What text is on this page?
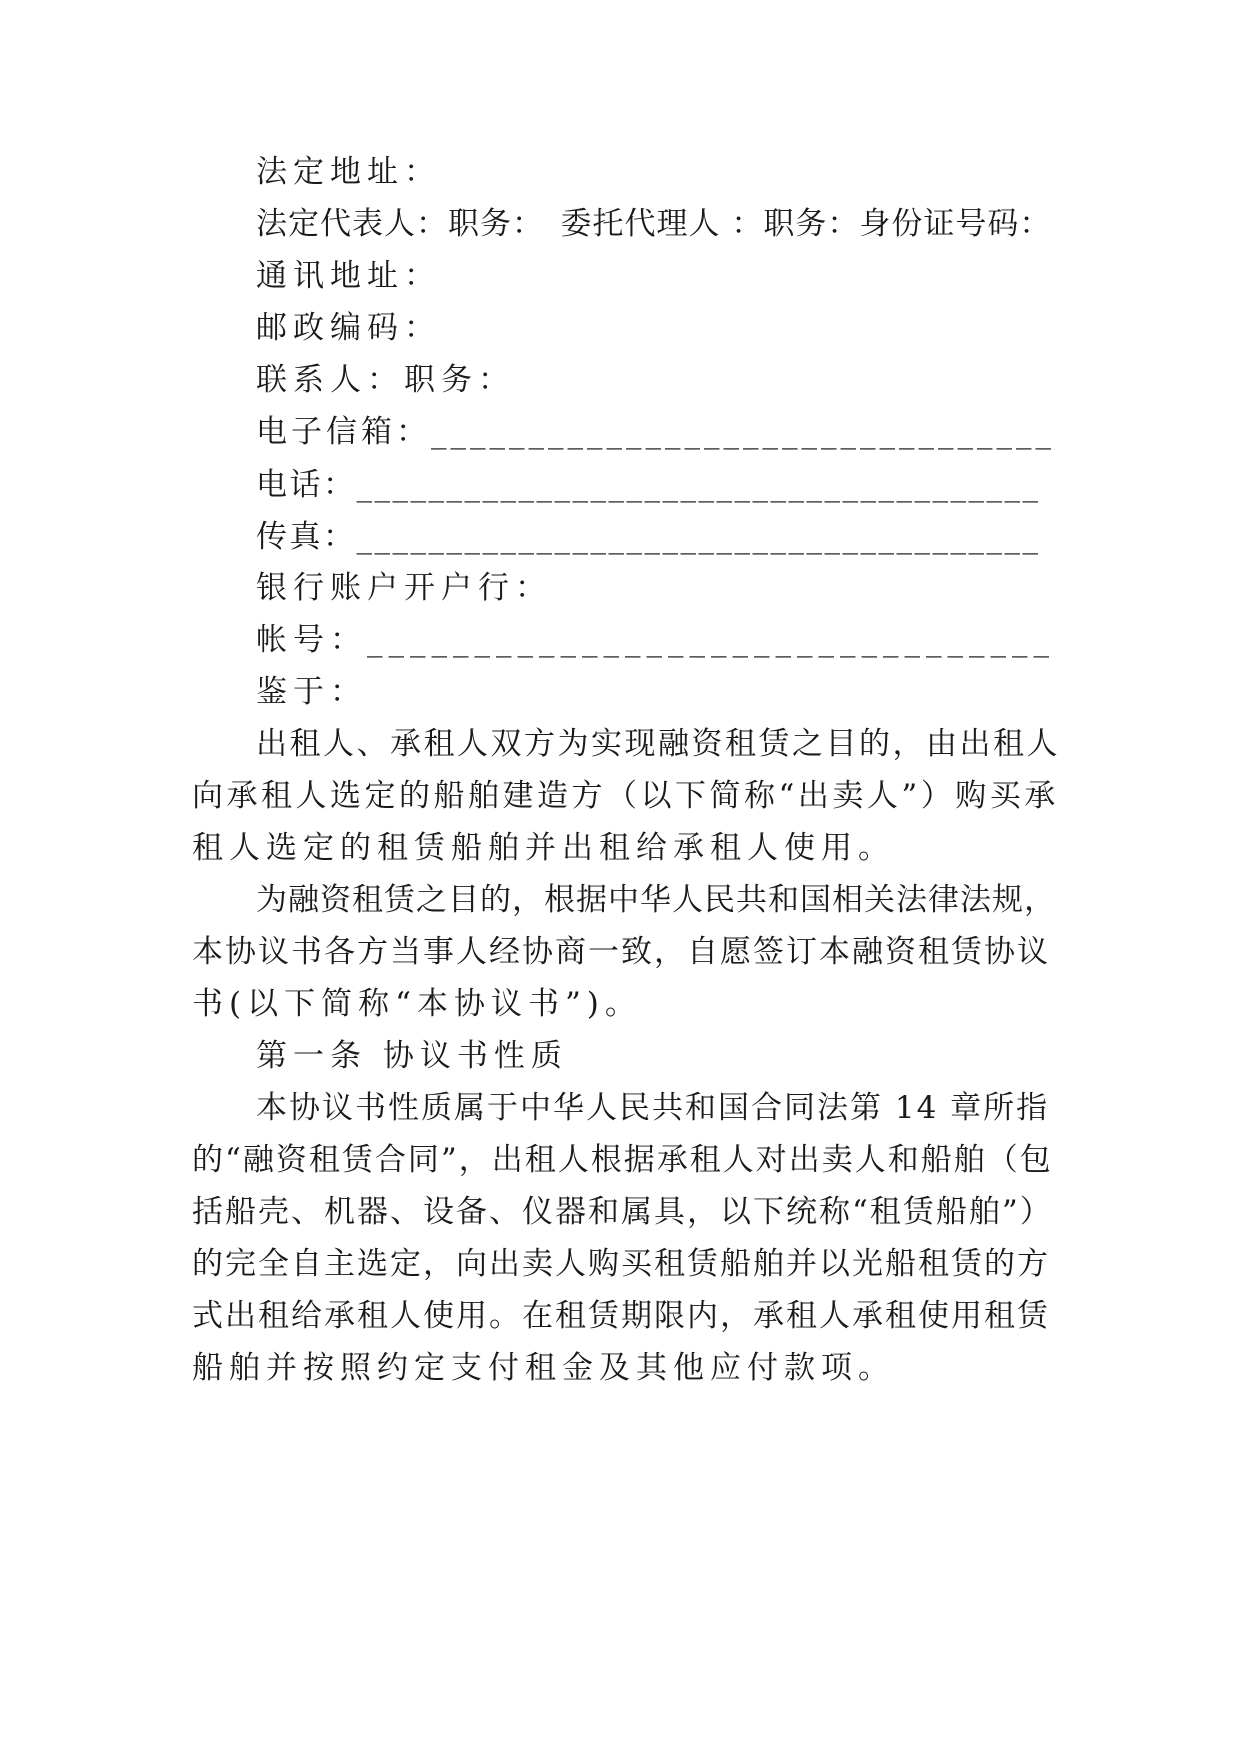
法定地址：
法定代表人：职务：　委托代理人 ：职务：身份证号码：
通讯地址：
邮政编码：
联系人：职务：
电子信箱：________________________________
电话：______________________________________
传真：______________________________________
银行账户开户行：
帐号：________________________________
鉴于：
出租人、承租人双方为实现融资租赁之目的，由出租人
向承租人选定的船舶建造方（以下简称“出卖人”）购买承
租人选定的租赁船舶并出租给承租人使用。
为融资租赁之目的，根据中华人民共和国相关法律法规，
本协议书各方当事人经协商一致，自愿签订本融资租赁协议
书(以下简称“本协议书”)。
第一条 协议书性质
本协议书性质属于中华人民共和国合同法第 14 章所指
的“融资租赁合同”，出租人根据承租人对出卖人和船舶（包
括船壳、机器、设备、仪器和属具，以下统称“租赁船舶”）
的完全自主选定，向出卖人购买租赁船舶并以光船租赁的方
式出租给承租人使用。在租赁期限内，承租人承租使用租赁
船舶并按照约定支付租金及其他应付款项。
